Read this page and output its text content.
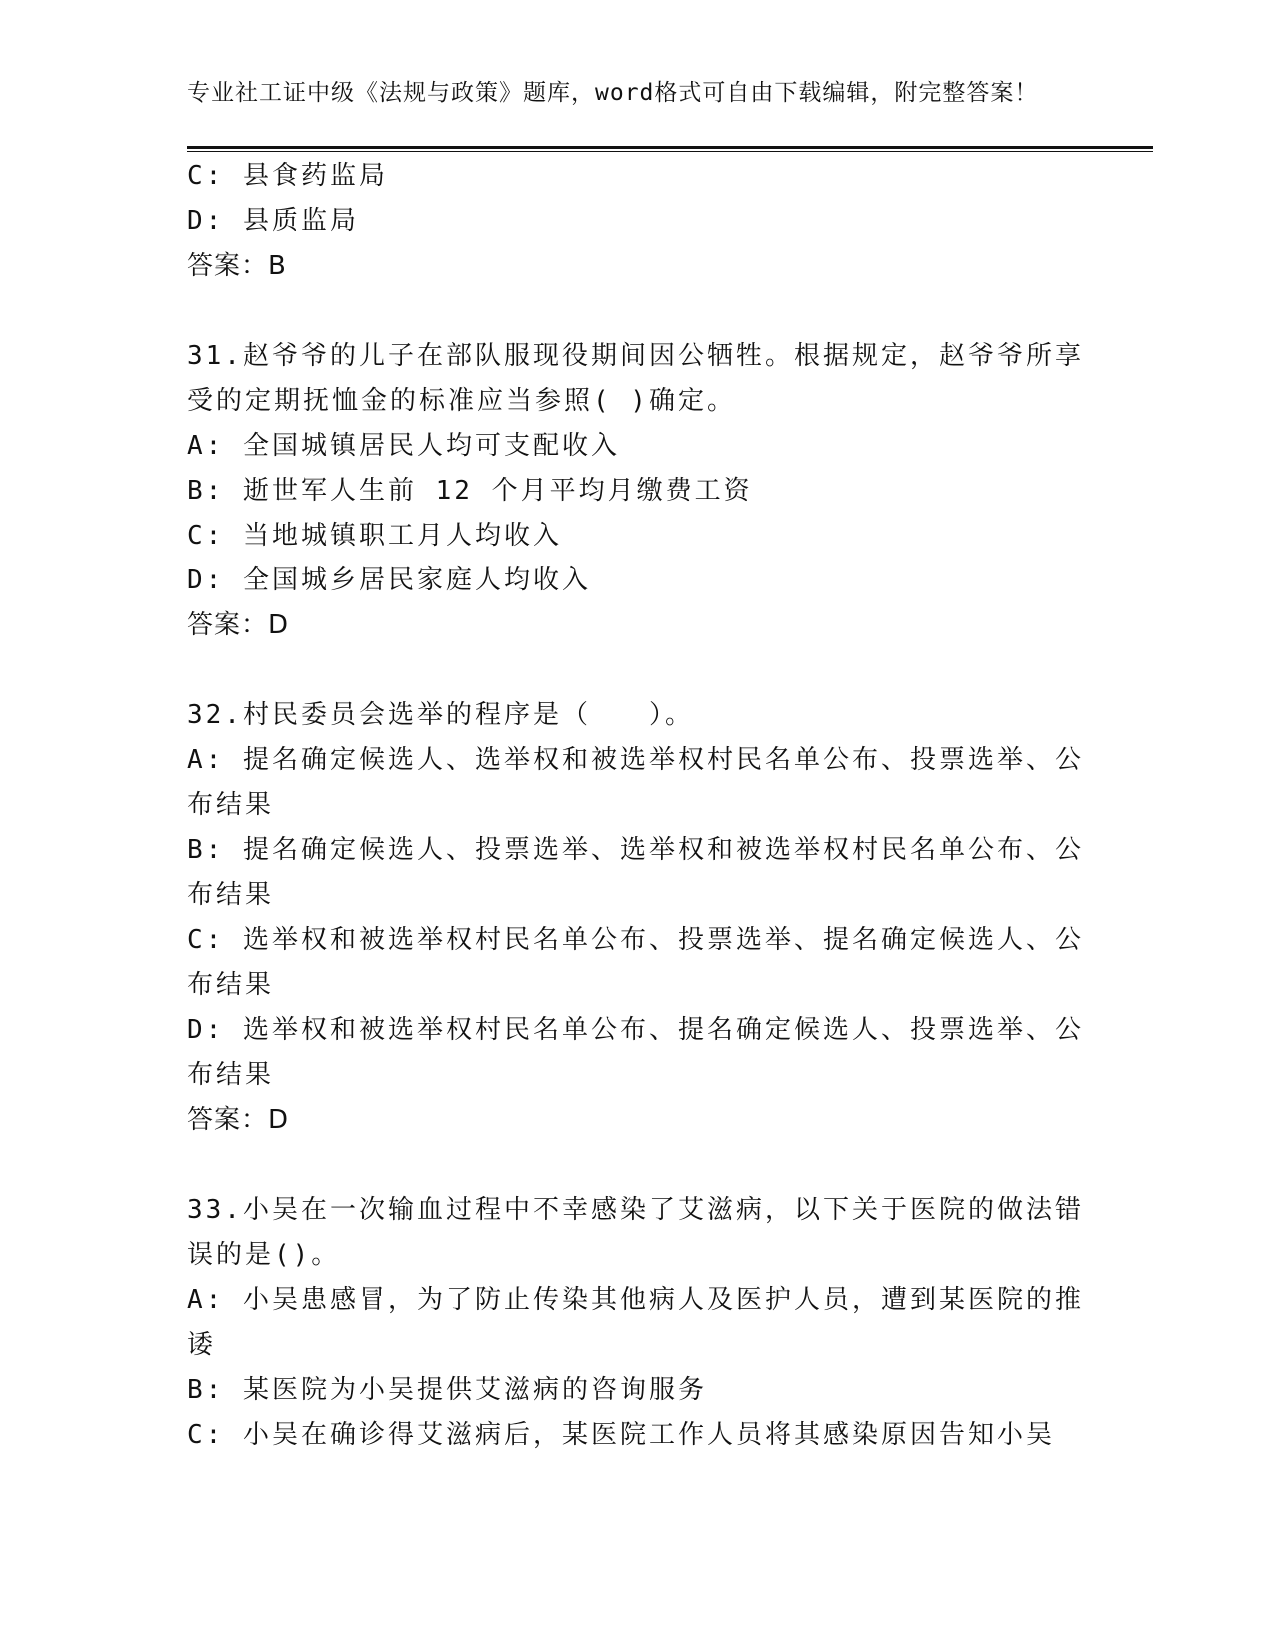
专业社工证中级《法规与政策》题库，word格式可自由下载编辑，附完整答案！
C: 县食药监局
D: 县质监局
答案：B
31.赵爷爷的儿子在部队服现役期间因公牺牲。根据规定，赵爷爷所享
受的定期抚恤金的标准应当参照( )确定。
A: 全国城镇居民人均可支配收入
B: 逝世军人生前 12 个月平均月缴费工资
C: 当地城镇职工月人均收入
D: 全国城乡居民家庭人均收入
答案：D
32.村民委员会选举的程序是（　　）。
A: 提名确定候选人、选举权和被选举权村民名单公布、投票选举、公
布结果
B: 提名确定候选人、投票选举、选举权和被选举权村民名单公布、公
布结果
C: 选举权和被选举权村民名单公布、投票选举、提名确定候选人、公
布结果
D: 选举权和被选举权村民名单公布、提名确定候选人、投票选举、公
布结果
答案：D
33.小吴在一次输血过程中不幸感染了艾滋病，以下关于医院的做法错
误的是()。
A: 小吴患感冒，为了防止传染其他病人及医护人员，遭到某医院的推
诿
B: 某医院为小吴提供艾滋病的咨询服务
C: 小吴在确诊得艾滋病后，某医院工作人员将其感染原因告知小吴
